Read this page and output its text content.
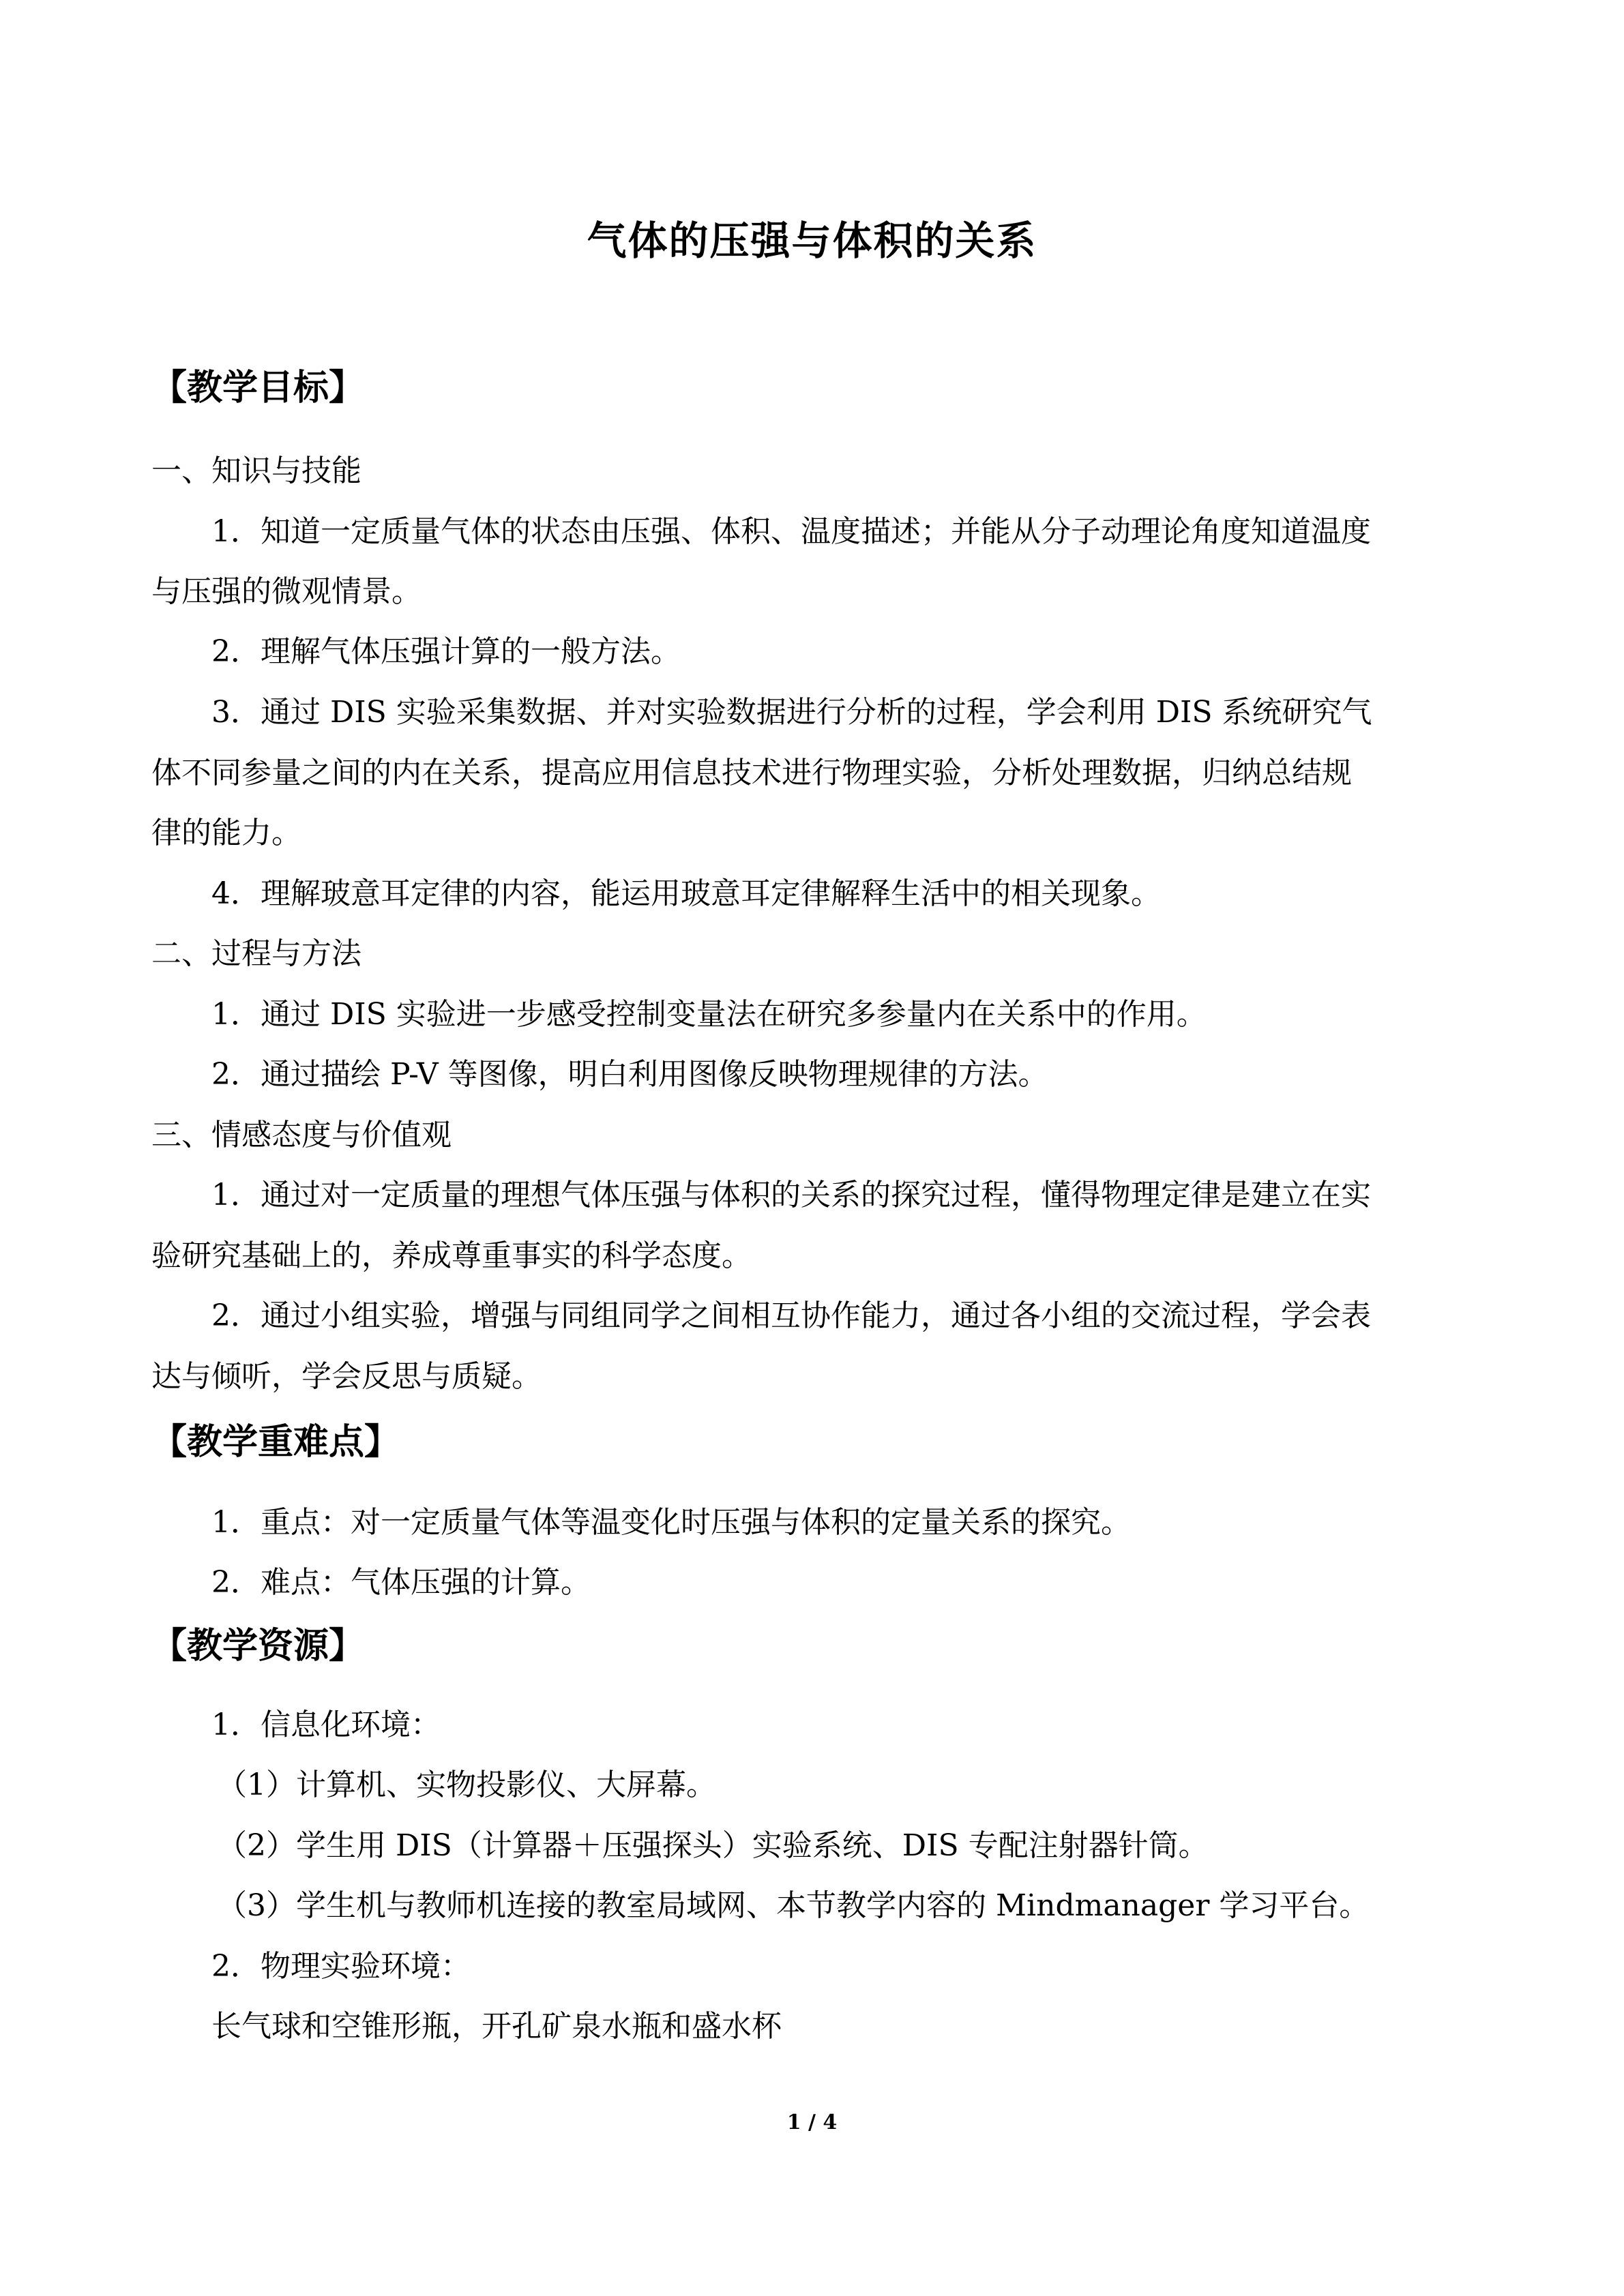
气体的压强与体积的关系
【教学目标】
一、知识与技能
1．知道一定质量气体的状态由压强、体积、温度描述；并能从分子动理论角度知道温度
与压强的微观情景。
2．理解气体压强计算的一般方法。
3．通过 DIS 实验采集数据、并对实验数据进行分析的过程，学会利用 DIS 系统研究气
体不同参量之间的内在关系，提高应用信息技术进行物理实验，分析处理数据，归纳总结规
律的能力。
4．理解玻意耳定律的内容，能运用玻意耳定律解释生活中的相关现象。
二、过程与方法
1．通过 DIS 实验进一步感受控制变量法在研究多参量内在关系中的作用。
2．通过描绘 P-V 等图像，明白利用图像反映物理规律的方法。
三、情感态度与价值观
1．通过对一定质量的理想气体压强与体积的关系的探究过程，懂得物理定律是建立在实
验研究基础上的，养成尊重事实的科学态度。
2．通过小组实验，增强与同组同学之间相互协作能力，通过各小组的交流过程，学会表
达与倾听，学会反思与质疑。
【教学重难点】
1．重点：对一定质量气体等温变化时压强与体积的定量关系的探究。
2．难点：气体压强的计算。
【教学资源】
1．信息化环境：
（1）计算机、实物投影仪、大屏幕。
（2）学生用 DIS（计算器＋压强探头）实验系统、DIS 专配注射器针筒。
（3）学生机与教师机连接的教室局域网、本节教学内容的 Mindmanager 学习平台。
2．物理实验环境：
长气球和空锥形瓶，开孔矿泉水瓶和盛水杯
1 / 4
